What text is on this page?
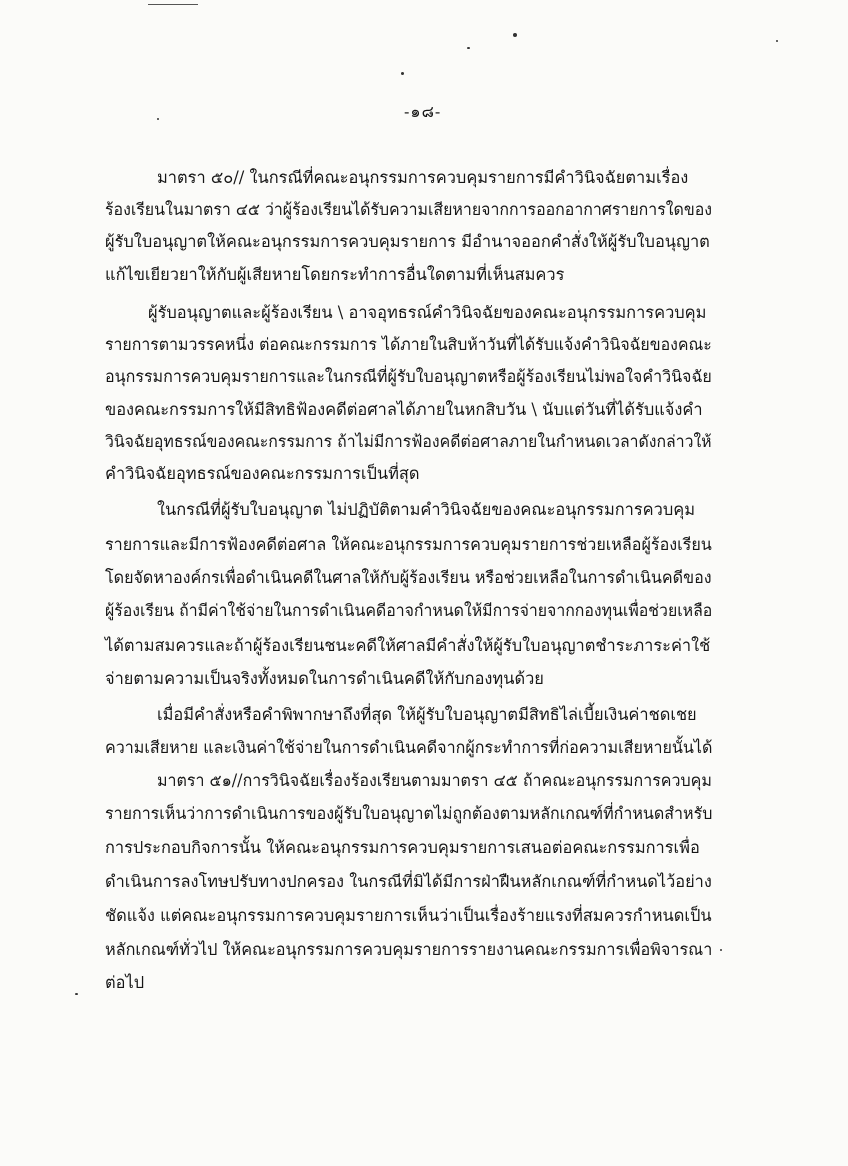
-๑๘-
มาตรา ๕๐// ในกรณีที่คณะอนุกรรมการควบคุมรายการมีคำวินิจฉัยตามเรื่อง
ร้องเรียนในมาตรา ๔๕ ว่าผู้ร้องเรียนได้รับความเสียหายจากการออกอากาศรายการใดของ
ผู้รับใบอนุญาตให้คณะอนุกรรมการควบคุมรายการ มีอำนาจออกคำสั่งให้ผู้รับใบอนุญาต
แก้ไขเยียวยาให้กับผู้เสียหายโดยกระทำการอื่นใดตามที่เห็นสมควร
ผู้รับอนุญาตและผู้ร้องเรียน \ อาจอุทธรณ์คำวินิจฉัยของคณะอนุกรรมการควบคุม
รายการตามวรรคหนึ่ง ต่อคณะกรรมการ ได้ภายในสิบห้าวันที่ได้รับแจ้งคำวินิจฉัยของคณะ
อนุกรรมการควบคุมรายการและในกรณีที่ผู้รับใบอนุญาตหรือผู้ร้องเรียนไม่พอใจคำวินิจฉัย
ของคณะกรรมการให้มีสิทธิฟ้องคดีต่อศาลได้ภายในหกสิบวัน \ นับแต่วันที่ได้รับแจ้งคำ
วินิจฉัยอุทธรณ์ของคณะกรรมการ ถ้าไม่มีการฟ้องคดีต่อศาลภายในกำหนดเวลาดังกล่าวให้
คำวินิจฉัยอุทธรณ์ของคณะกรรมการเป็นที่สุด
ในกรณีที่ผู้รับใบอนุญาต ไม่ปฏิบัติตามคำวินิจฉัยของคณะอนุกรรมการควบคุม
รายการและมีการฟ้องคดีต่อศาล ให้คณะอนุกรรมการควบคุมรายการช่วยเหลือผู้ร้องเรียน
โดยจัดหาองค์กรเพื่อดำเนินคดีในศาลให้กับผู้ร้องเรียน หรือช่วยเหลือในการดำเนินคดีของ
ผู้ร้องเรียน ถ้ามีค่าใช้จ่ายในการดำเนินคดีอาจกำหนดให้มีการจ่ายจากกองทุนเพื่อช่วยเหลือ
ได้ตามสมควรและถ้าผู้ร้องเรียนชนะคดีให้ศาลมีคำสั่งให้ผู้รับใบอนุญาตชำระภาระค่าใช้
จ่ายตามความเป็นจริงทั้งหมดในการดำเนินคดีให้กับกองทุนด้วย
เมื่อมีคำสั่งหรือคำพิพากษาถึงที่สุด ให้ผู้รับใบอนุญาตมีสิทธิไล่เบี้ยเงินค่าชดเชย
ความเสียหาย และเงินค่าใช้จ่ายในการดำเนินคดีจากผู้กระทำการที่ก่อความเสียหายนั้นได้
มาตรา ๕๑//การวินิจฉัยเรื่องร้องเรียนตามมาตรา ๔๕ ถ้าคณะอนุกรรมการควบคุม
รายการเห็นว่าการดำเนินการของผู้รับใบอนุญาตไม่ถูกต้องตามหลักเกณฑ์ที่กำหนดสำหรับ
การประกอบกิจการนั้น ให้คณะอนุกรรมการควบคุมรายการเสนอต่อคณะกรรมการเพื่อ
ดำเนินการลงโทษปรับทางปกครอง ในกรณีที่มิได้มีการฝ่าฝืนหลักเกณฑ์ที่กำหนดไว้อย่าง
ชัดแจ้ง แต่คณะอนุกรรมการควบคุมรายการเห็นว่าเป็นเรื่องร้ายแรงที่สมควรกำหนดเป็น
หลักเกณฑ์ทั่วไป ให้คณะอนุกรรมการควบคุมรายการรายงานคณะกรรมการเพื่อพิจารณา
ต่อไป
